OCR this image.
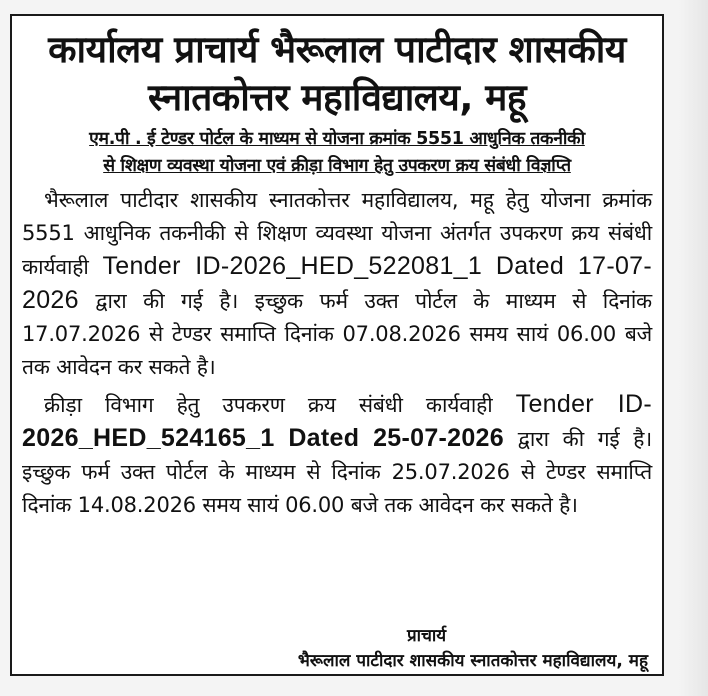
कार्यालय प्राचार्य भैरूलाल पाटीदार शासकीय
स्नातकोत्तर महाविद्यालय, महू
एम.पी . ई टेण्डर पोर्टल के माध्यम से योजना क्रमांक 5551 आधुनिक तकनीकी
से शिक्षण व्यवस्था योजना एवं क्रीड़ा विभाग हेतु उपकरण क्रय संबंधी विज्ञप्ति

भैरूलाल पाटीदार शासकीय स्नातकोत्तर महाविद्यालय, महू हेतु योजना क्रमांक 5551 आधुनिक तकनीकी से शिक्षण व्यवस्था योजना अंतर्गत उपकरण क्रय संबंधी कार्यवाही Tender ID-2026_HED_522081_1 Dated 17-07-2026 द्वारा की गई है। इच्छुक फर्म उक्त पोर्टल के माध्यम से दिनांक 17.07.2026 से टेण्डर समाप्ति दिनांक 07.08.2026 समय सायं 06.00 बजे तक आवेदन कर सकते है।

क्रीड़ा विभाग हेतु उपकरण क्रय संबंधी कार्यवाही Tender ID- 2026_HED_524165_1 Dated 25-07-2026 द्वारा की गई है। इच्छुक फर्म उक्त पोर्टल के माध्यम से दिनांक 25.07.2026 से टेण्डर समाप्ति दिनांक 14.08.2026 समय सायं 06.00 बजे तक आवेदन कर सकते है।

प्राचार्य
भैरूलाल पाटीदार शासकीय स्नातकोत्तर महाविद्यालय, महू
